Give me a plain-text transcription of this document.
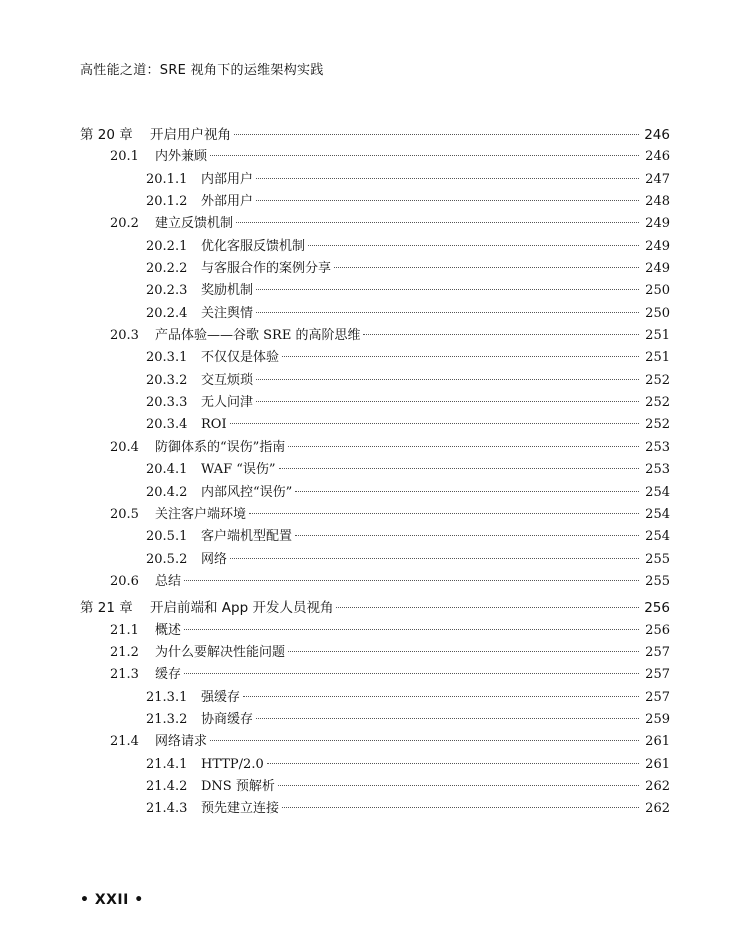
高性能之道：SRE 视角下的运维架构实践
第 20 章	开启用户视角	246
20.1	内外兼顾	246
20.1.1	内部用户	247
20.1.2	外部用户	248
20.2	建立反馈机制	249
20.2.1	优化客服反馈机制	249
20.2.2	与客服合作的案例分享	249
20.2.3	奖励机制	250
20.2.4	关注舆情	250
20.3	产品体验——谷歌 SRE 的高阶思维	251
20.3.1	不仅仅是体验	251
20.3.2	交互烦琐	252
20.3.3	无人问津	252
20.3.4	ROI	252
20.4	防御体系的“误伤”指南	253
20.4.1	WAF “误伤”	253
20.4.2	内部风控“误伤”	254
20.5	关注客户端环境	254
20.5.1	客户端机型配置	254
20.5.2	网络	255
20.6	总结	255
第 21 章	开启前端和 App 开发人员视角	256
21.1	概述	256
21.2	为什么要解决性能问题	257
21.3	缓存	257
21.3.1	强缓存	257
21.3.2	协商缓存	259
21.4	网络请求	261
21.4.1	HTTP/2.0	261
21.4.2	DNS 预解析	262
21.4.3	预先建立连接	262
• XXII •
